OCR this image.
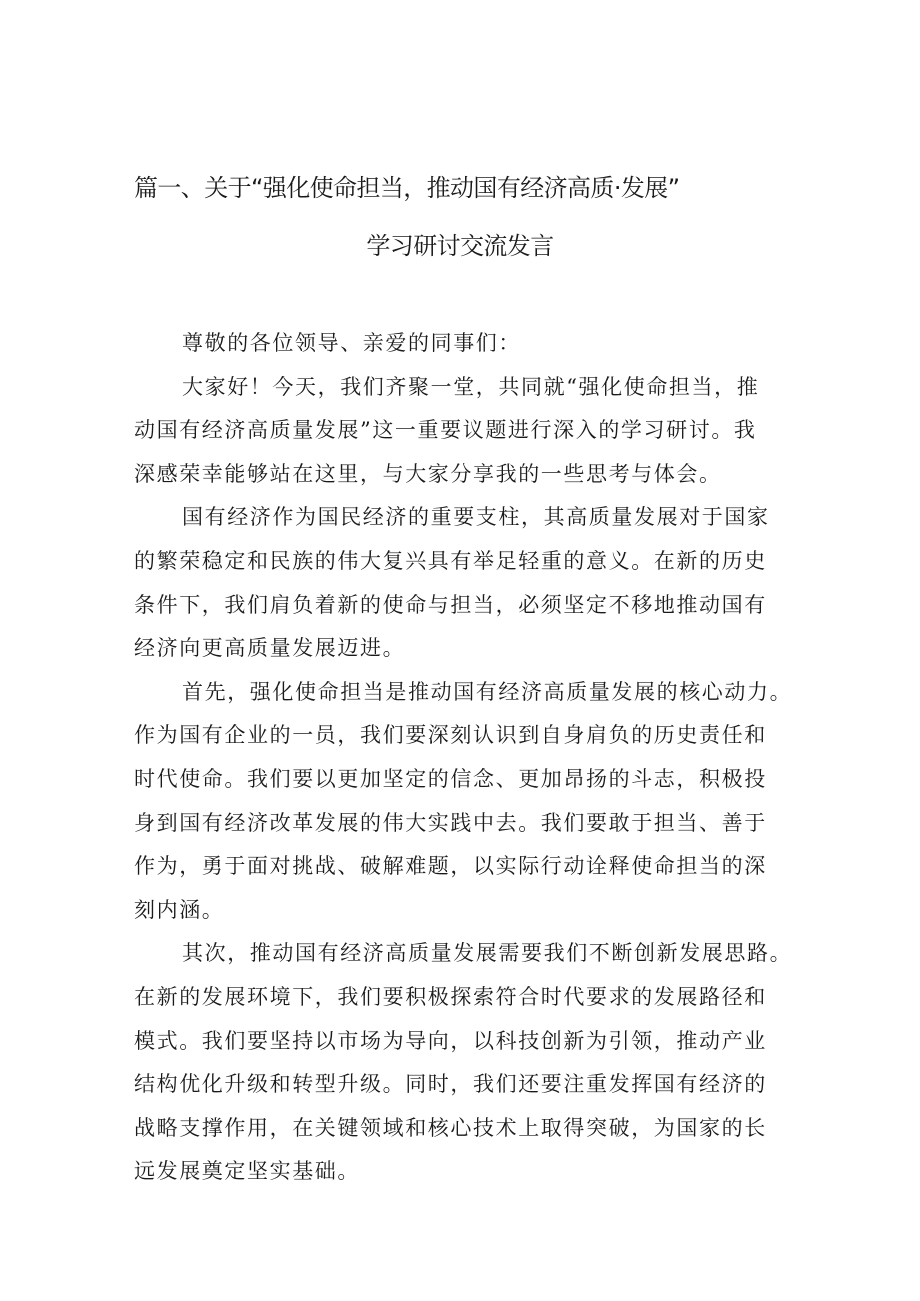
篇一、关于“强化使命担当，推动国有经济高质·发展”
学习研讨交流发言
尊敬的各位领导、亲爱的同事们：
大家好！今天，我们齐聚一堂，共同就“强化使命担当，推
动国有经济高质量发展”这一重要议题进行深入的学习研讨。我
深感荣幸能够站在这里，与大家分享我的一些思考与体会。
国有经济作为国民经济的重要支柱，其高质量发展对于国家
的繁荣稳定和民族的伟大复兴具有举足轻重的意义。在新的历史
条件下，我们肩负着新的使命与担当，必须坚定不移地推动国有
经济向更高质量发展迈进。
首先，强化使命担当是推动国有经济高质量发展的核心动力。
作为国有企业的一员，我们要深刻认识到自身肩负的历史责任和
时代使命。我们要以更加坚定的信念、更加昂扬的斗志，积极投
身到国有经济改革发展的伟大实践中去。我们要敢于担当、善于
作为，勇于面对挑战、破解难题，以实际行动诠释使命担当的深
刻内涵。
其次，推动国有经济高质量发展需要我们不断创新发展思路。
在新的发展环境下，我们要积极探索符合时代要求的发展路径和
模式。我们要坚持以市场为导向，以科技创新为引领，推动产业
结构优化升级和转型升级。同时，我们还要注重发挥国有经济的
战略支撑作用，在关键领域和核心技术上取得突破，为国家的长
远发展奠定坚实基础。
